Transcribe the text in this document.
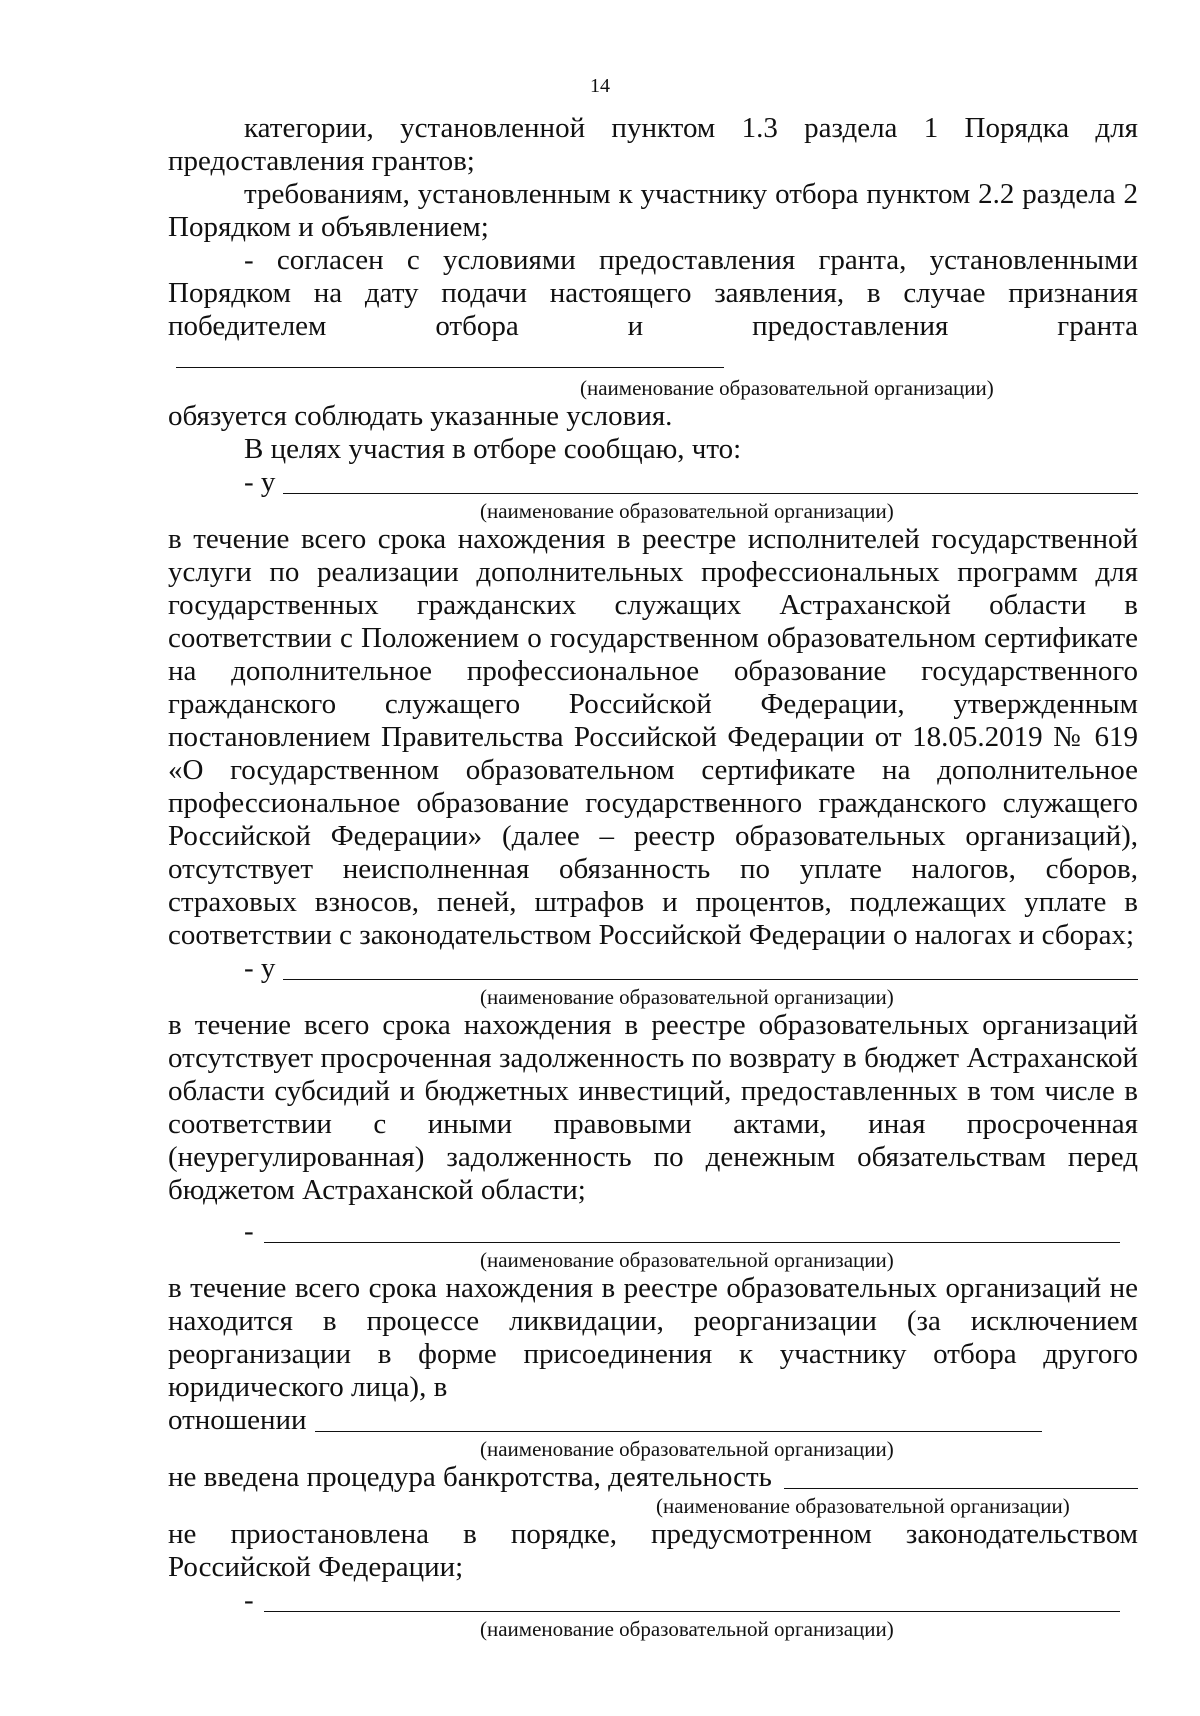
14

категории, установленной пунктом 1.3 раздела 1 Порядка для предоставления грантов;

требованиям, установленным к участнику отбора пунктом 2.2 раздела 2 Порядком и объявлением;

- согласен с условиями предоставления гранта, установленными Порядком на дату подачи настоящего заявления, в случае признания победителем отбора и предоставления гранта

(наименование образовательной организации)

обязуется соблюдать указанные условия.

В целях участия в отборе сообщаю, что:

- у
(наименование образовательной организации)

в течение всего срока нахождения в реестре исполнителей государственной услуги по реализации дополнительных профессиональных программ для государственных гражданских служащих Астраханской области в соответствии с Положением о государственном образовательном сертификате на дополнительное профессиональное образование государственного гражданского служащего Российской Федерации, утвержденным постановлением Правительства Российской Федерации от 18.05.2019 № 619 «О государственном образовательном сертификате на дополнительное профессиональное образование государственного гражданского служащего Российской Федерации» (далее – реестр образовательных организаций), отсутствует неисполненная обязанность по уплате налогов, сборов, страховых взносов, пеней, штрафов и процентов, подлежащих уплате в соответствии с законодательством Российской Федерации о налогах и сборах;

- у
(наименование образовательной организации)

в течение всего срока нахождения в реестре образовательных организаций отсутствует просроченная задолженность по возврату в бюджет Астраханской области субсидий и бюджетных инвестиций, предоставленных в том числе в соответствии с иными правовыми актами, иная просроченная (неурегулированная) задолженность по денежным обязательствам перед бюджетом Астраханской области;

-
(наименование образовательной организации)

в течение всего срока нахождения в реестре образовательных организаций не находится в процессе ликвидации, реорганизации (за исключением реорганизации в форме присоединения к участнику отбора другого юридического лица), в

отношении
(наименование образовательной организации)
не введена процедура банкротства, деятельность
(наименование образовательной организации)

не приостановлена в порядке, предусмотренном законодательством Российской Федерации;

-
(наименование образовательной организации)
